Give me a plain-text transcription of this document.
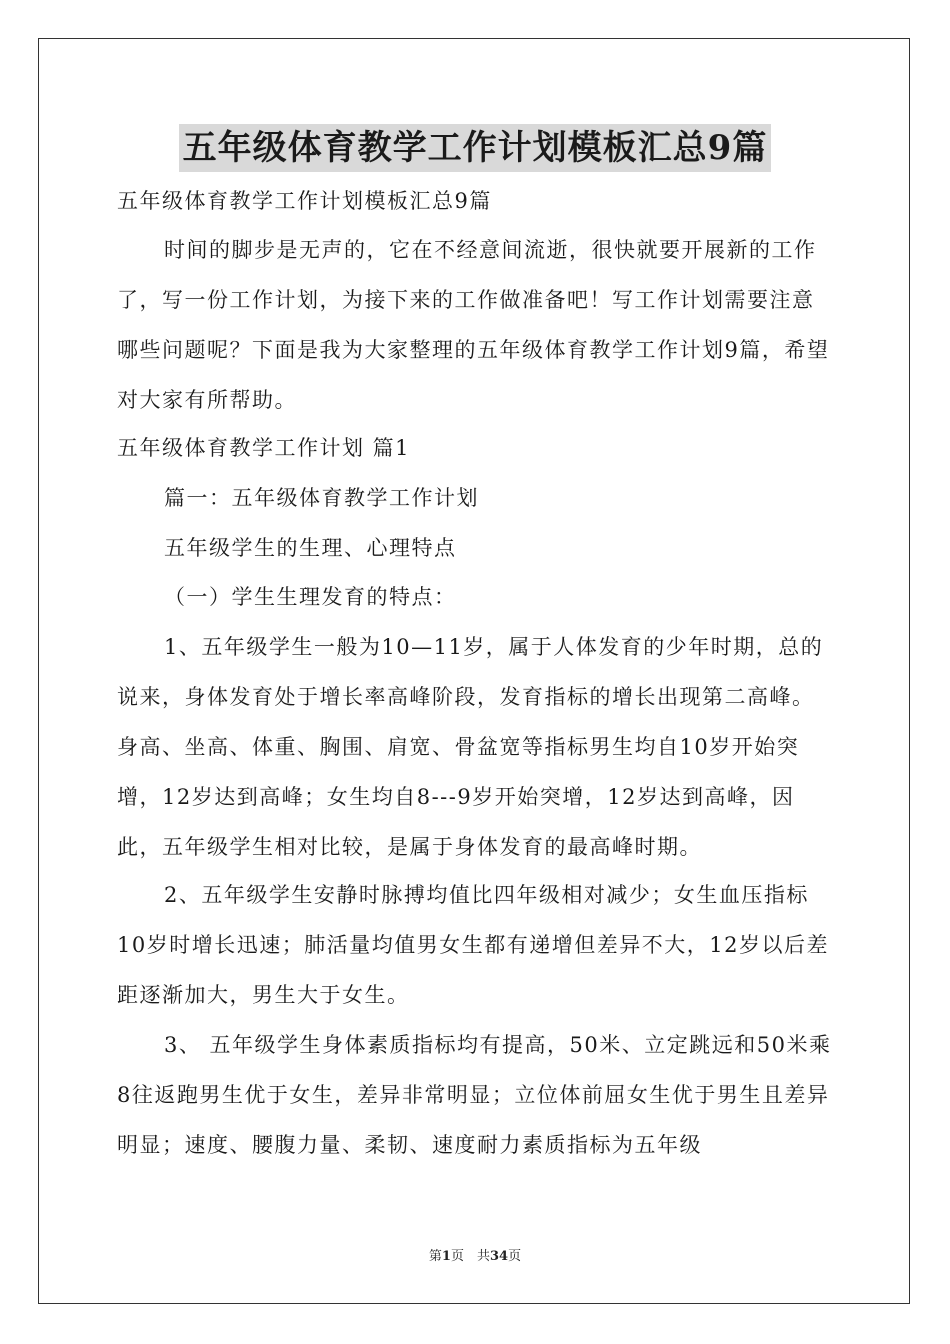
五年级体育教学工作计划模板汇总9篇

五年级体育教学工作计划模板汇总9篇

时间的脚步是无声的，它在不经意间流逝，很快就要开展新的工作了，写一份工作计划，为接下来的工作做准备吧！写工作计划需要注意哪些问题呢？下面是我为大家整理的五年级体育教学工作计划9篇，希望对大家有所帮助。

五年级体育教学工作计划 篇1

篇一：五年级体育教学工作计划

五年级学生的生理、心理特点

（一）学生生理发育的特点：

1、五年级学生一般为10—11岁，属于人体发育的少年时期，总的说来，身体发育处于增长率高峰阶段，发育指标的增长出现第二高峰。身高、坐高、体重、胸围、肩宽、骨盆宽等指标男生均自10岁开始突增，12岁达到高峰；女生均自8---9岁开始突增，12岁达到高峰，因此，五年级学生相对比较，是属于身体发育的最高峰时期。

2、五年级学生安静时脉搏均值比四年级相对减少；女生血压指标10岁时增长迅速；肺活量均值男女生都有递增但差异不大，12岁以后差距逐渐加大，男生大于女生。

3、 五年级学生身体素质指标均有提高，50米、立定跳远和50米乘8往返跑男生优于女生，差异非常明显；立位体前屈女生优于男生且差异明显；速度、腰腹力量、柔韧、速度耐力素质指标为五年级

第1页　共34页
